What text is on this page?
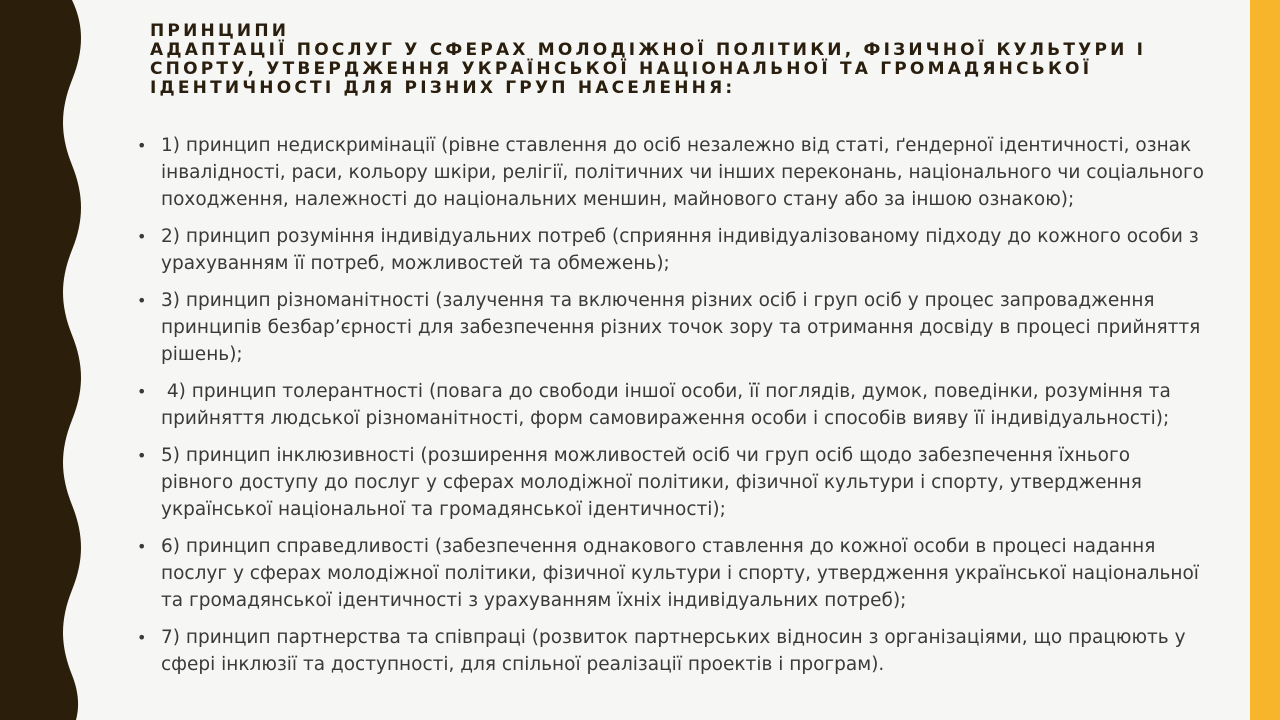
ПРИНЦИПИ
АДАПТАЦІЇ ПОСЛУГ У СФЕРАХ МОЛОДІЖНОЇ ПОЛІТИКИ, ФІЗИЧНОЇ КУЛЬТУРИ І
СПОРТУ, УТВЕРДЖЕННЯ УКРАЇНСЬКОЇ НАЦІОНАЛЬНОЇ ТА ГРОМАДЯНСЬКОЇ
ІДЕНТИЧНОСТІ ДЛЯ РІЗНИХ ГРУП НАСЕЛЕННЯ:
• 1) принцип недискримінації (рівне ставлення до осіб незалежно від статі, ґендерної ідентичності, ознак інвалідності, раси, кольору шкіри, релігії, політичних чи інших переконань, національного чи соціального походження, належності до національних меншин, майнового стану або за іншою ознакою);
• 2) принцип розуміння індивідуальних потреб (сприяння індивідуалізованому підходу до кожного особи з урахуванням її потреб, можливостей та обмежень);
• 3) принцип різноманітності (залучення та включення різних осіб і груп осіб у процес запровадження принципів безбар’єрності для забезпечення різних точок зору та отримання досвіду в процесі прийняття рішень);
• 4) принцип толерантності (повага до свободи іншої особи, її поглядів, думок, поведінки, розуміння та прийняття людської різноманітності, форм самовираження особи і способів вияву її індивідуальності);
• 5) принцип інклюзивності (розширення можливостей осіб чи груп осіб щодо забезпечення їхнього рівного доступу до послуг у сферах молодіжної політики, фізичної культури і спорту, утвердження української національної та громадянської ідентичності);
• 6) принцип справедливості (забезпечення однакового ставлення до кожної особи в процесі надання послуг у сферах молодіжної політики, фізичної культури і спорту, утвердження української національної та громадянської ідентичності з урахуванням їхніх індивідуальних потреб);
• 7) принцип партнерства та співпраці (розвиток партнерських відносин з організаціями, що працюють у сфері інклюзії та доступності, для спільної реалізації проектів і програм).
